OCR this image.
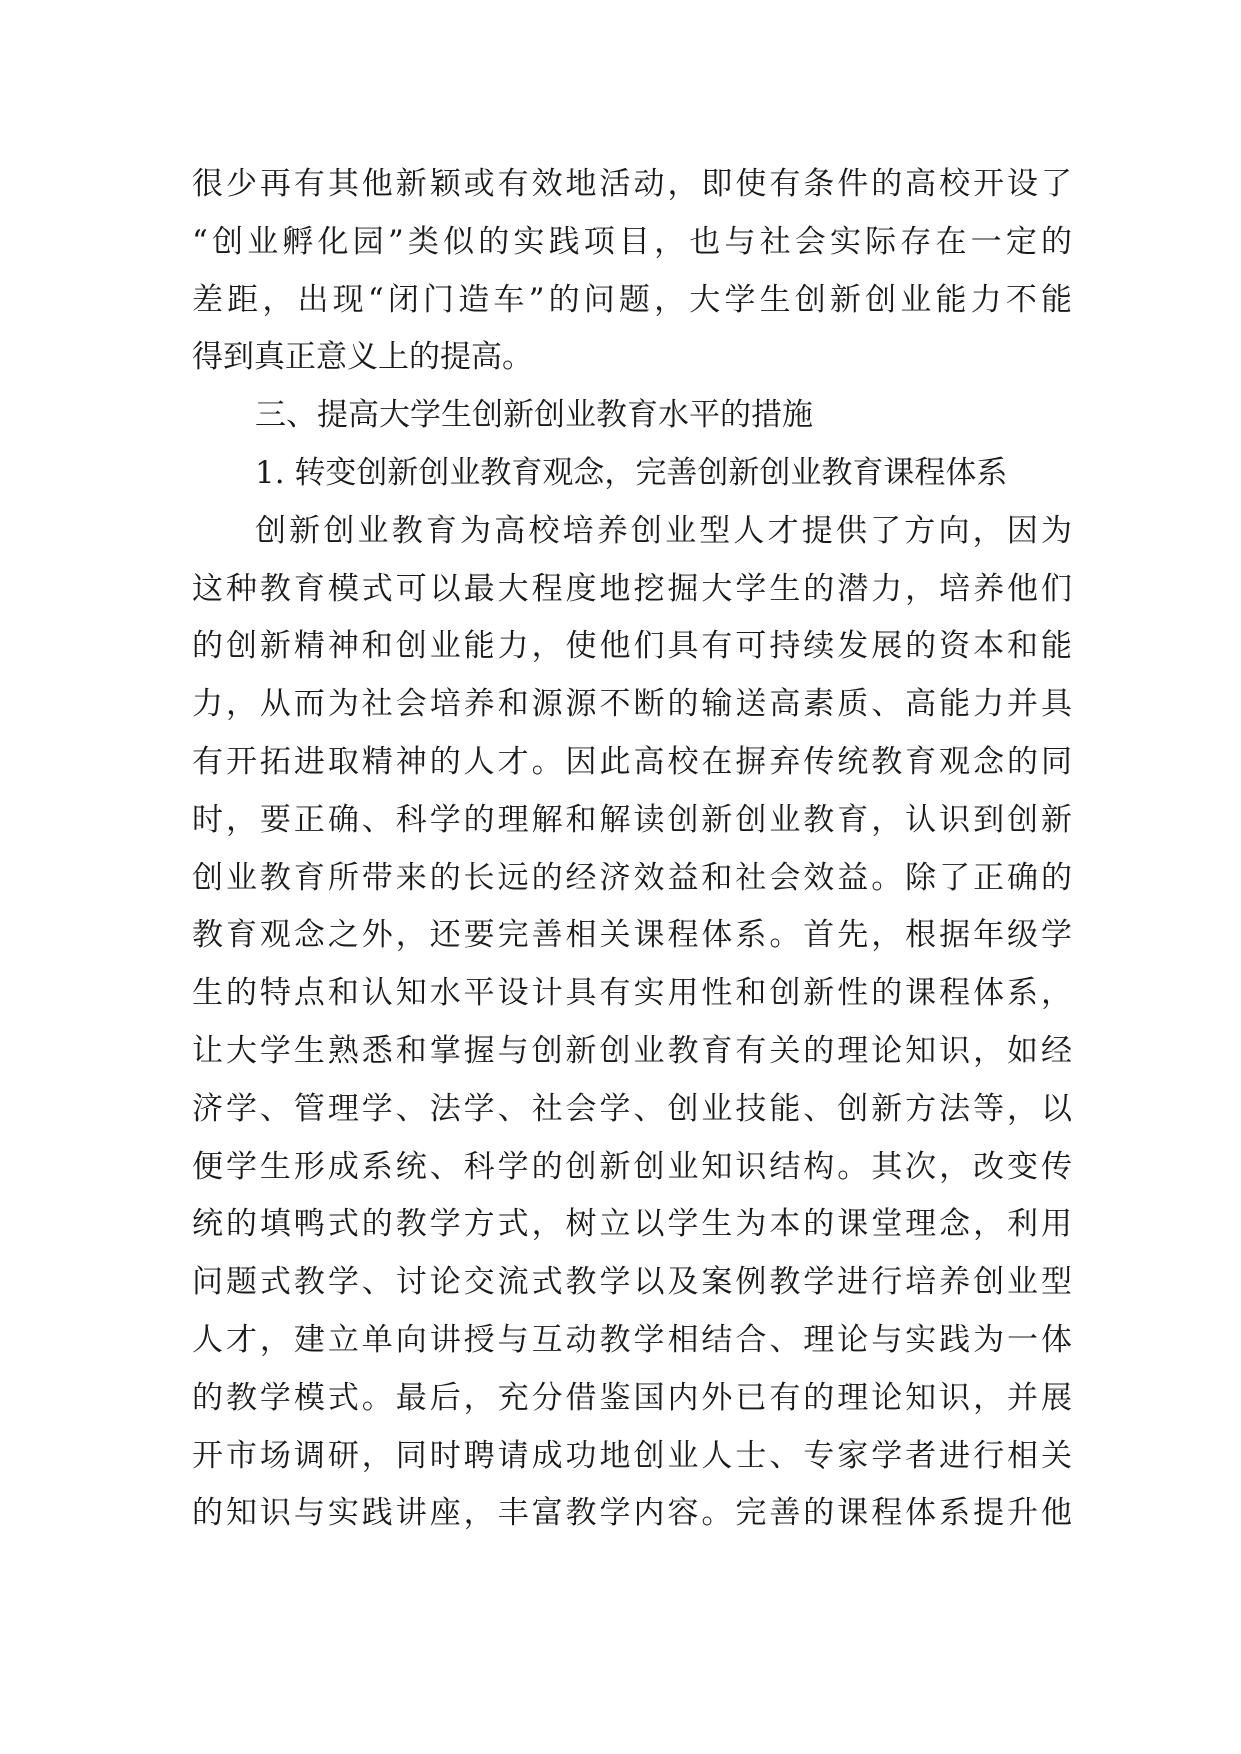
很少再有其他新颖或有效地活动，即使有条件的高校开设了
“创业孵化园”类似的实践项目，也与社会实际存在一定的
差距，出现“闭门造车”的问题，大学生创新创业能力不能
得到真正意义上的提高。
三、提高大学生创新创业教育水平的措施
1. 转变创新创业教育观念，完善创新创业教育课程体系
创新创业教育为高校培养创业型人才提供了方向，因为
这种教育模式可以最大程度地挖掘大学生的潜力，培养他们
的创新精神和创业能力，使他们具有可持续发展的资本和能
力，从而为社会培养和源源不断的输送高素质、高能力并具
有开拓进取精神的人才。因此高校在摒弃传统教育观念的同
时，要正确、科学的理解和解读创新创业教育，认识到创新
创业教育所带来的长远的经济效益和社会效益。除了正确的
教育观念之外，还要完善相关课程体系。首先，根据年级学
生的特点和认知水平设计具有实用性和创新性的课程体系，
让大学生熟悉和掌握与创新创业教育有关的理论知识，如经
济学、管理学、法学、社会学、创业技能、创新方法等，以
便学生形成系统、科学的创新创业知识结构。其次，改变传
统的填鸭式的教学方式，树立以学生为本的课堂理念，利用
问题式教学、讨论交流式教学以及案例教学进行培养创业型
人才，建立单向讲授与互动教学相结合、理论与实践为一体
的教学模式。最后，充分借鉴国内外已有的理论知识，并展
开市场调研，同时聘请成功地创业人士、专家学者进行相关
的知识与实践讲座，丰富教学内容。完善的课程体系提升他
